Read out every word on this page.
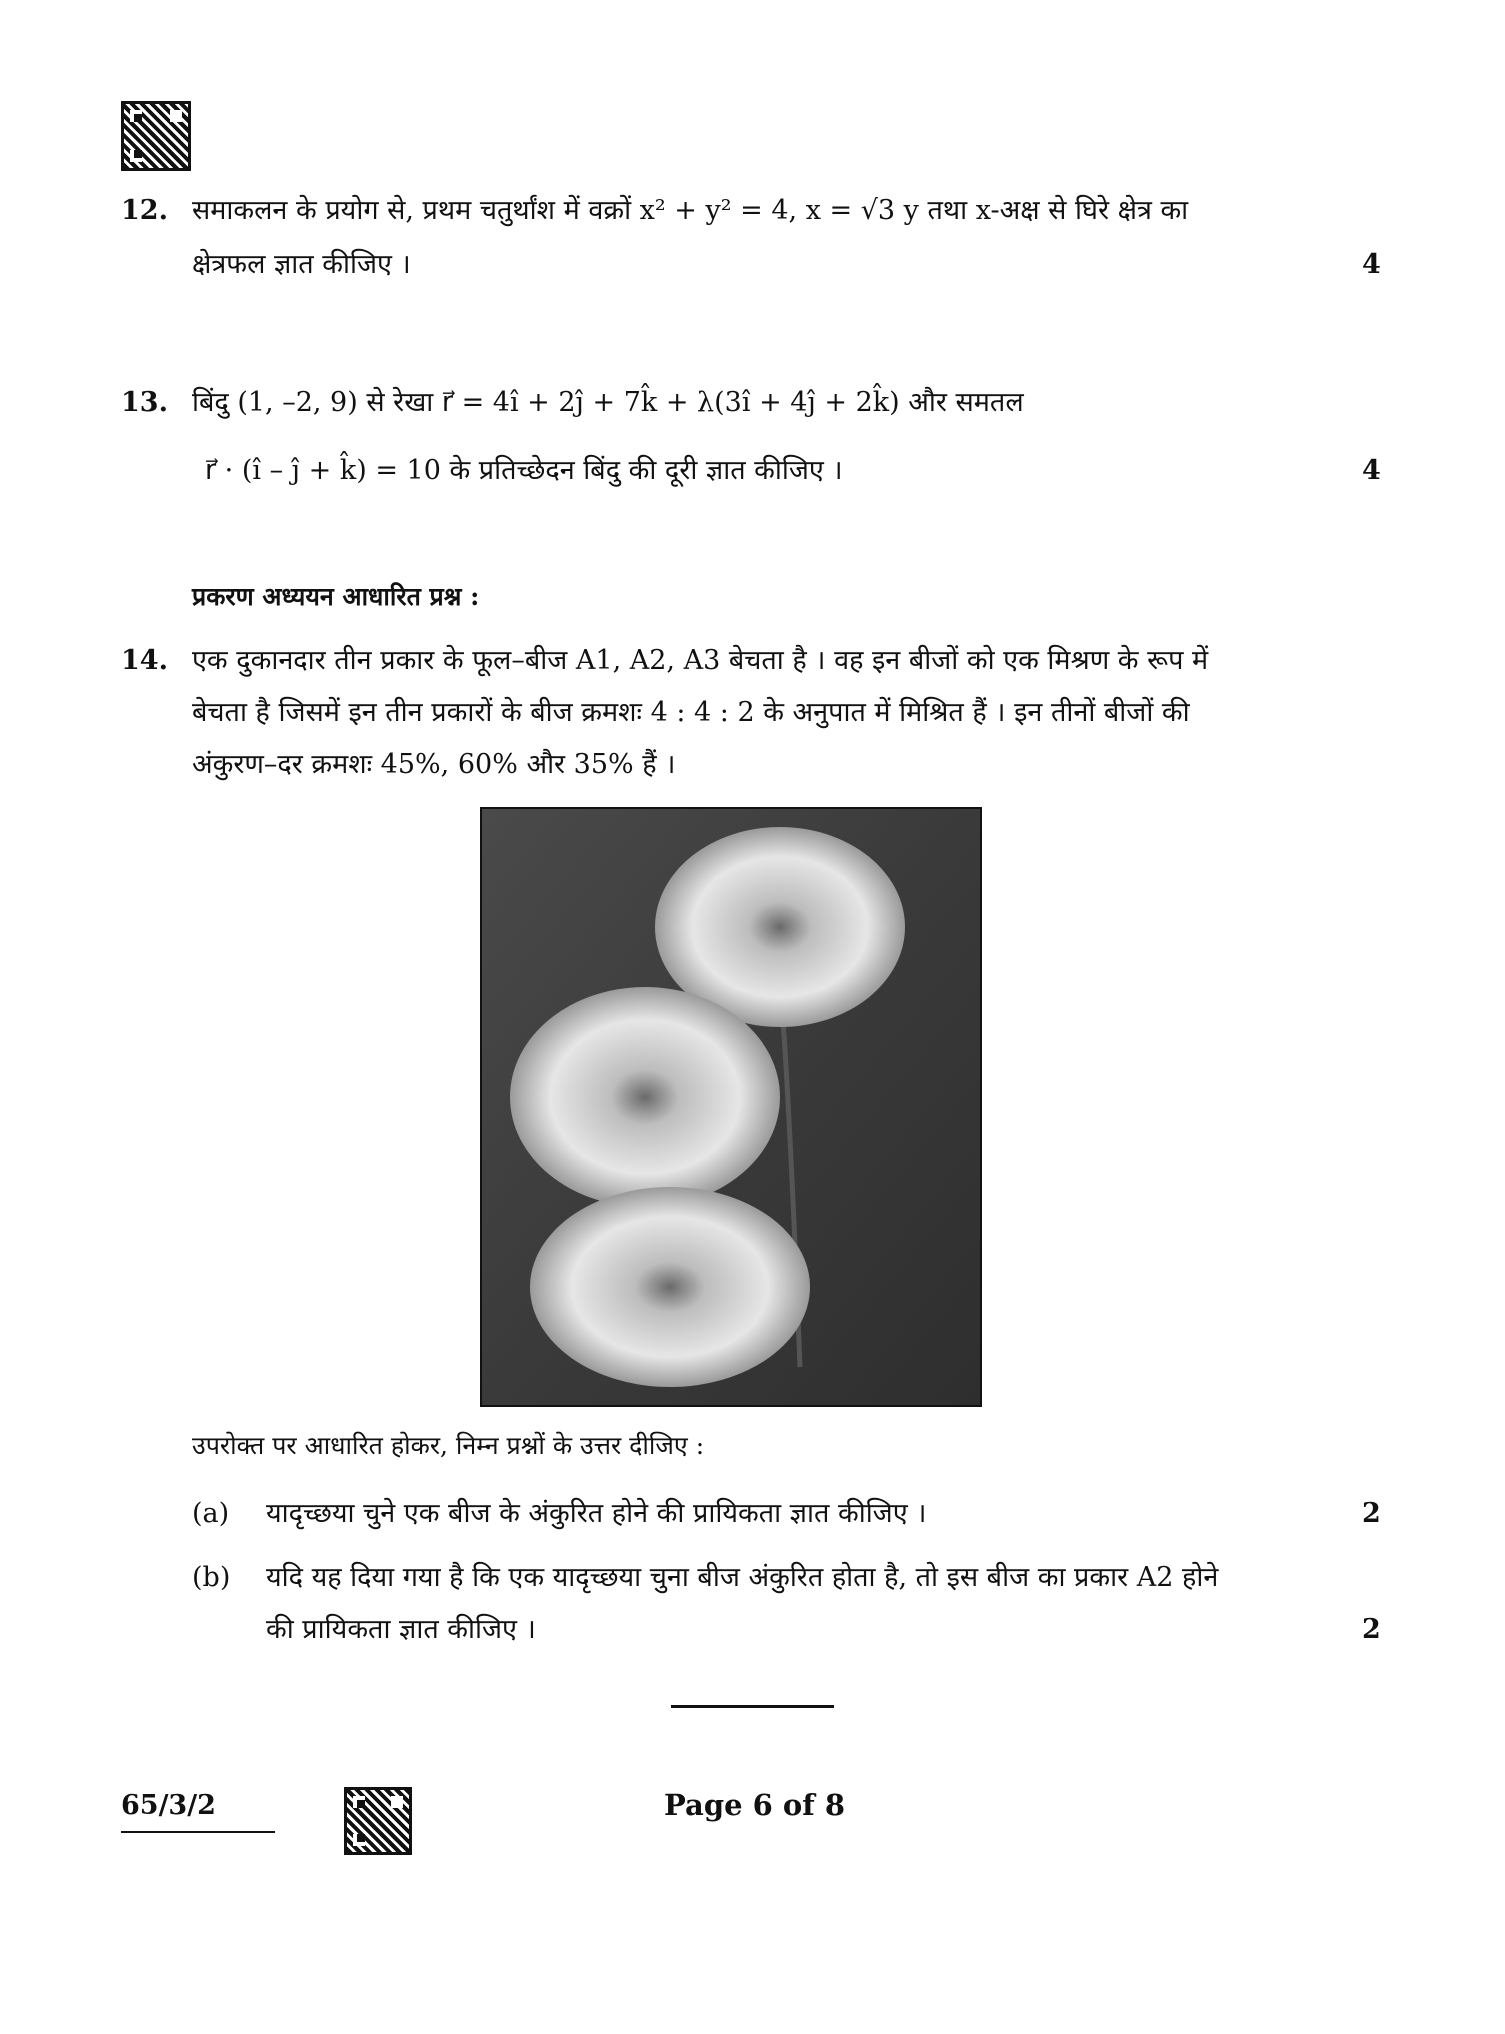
12. समाकलन के प्रयोग से, प्रथम चतुर्थांश में वक्रों x² + y² = 4, x = √3 y तथा x-अक्ष से घिरे क्षेत्र का
क्षेत्रफल ज्ञात कीजिए ।	4
13. बिंदु (1, –2, 9) से रेखा r⃗ = 4î + 2ĵ + 7k̂ + λ(3î + 4ĵ + 2k̂) और समतल
r⃗ · (î – ĵ + k̂) = 10 के प्रतिच्छेदन बिंदु की दूरी ज्ञात कीजिए ।	4
प्रकरण अध्ययन आधारित प्रश्न :
14. एक दुकानदार तीन प्रकार के फूल–बीज A1, A2, A3 बेचता है । वह इन बीजों को एक मिश्रण के रूप में
बेचता है जिसमें इन तीन प्रकारों के बीज क्रमशः 4 : 4 : 2 के अनुपात में मिश्रित हैं । इन तीनों बीजों की
अंकुरण–दर क्रमशः 45%, 60% और 35% हैं ।
उपरोक्त पर आधारित होकर, निम्न प्रश्नों के उत्तर दीजिए :
(a) यादृच्छया चुने एक बीज के अंकुरित होने की प्रायिकता ज्ञात कीजिए ।	2
(b) यदि यह दिया गया है कि एक यादृच्छया चुना बीज अंकुरित होता है, तो इस बीज का प्रकार A2 होने
की प्रायिकता ज्ञात कीजिए ।	2
65/3/2	Page 6 of 8
